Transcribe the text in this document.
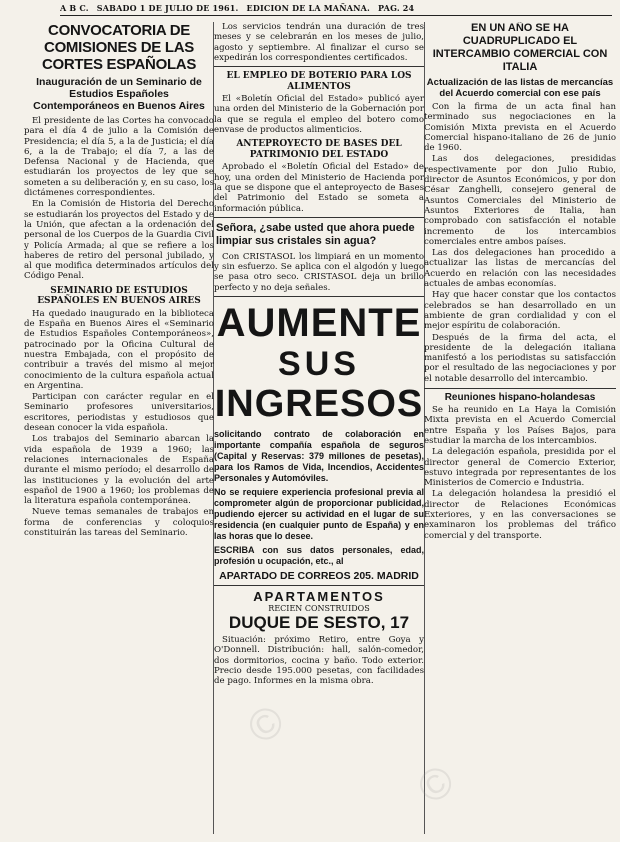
A B C. SABADO 1 DE JULIO DE 1961. EDICION DE LA MAÑANA. PAG. 24
CONVOCATORIA DE COMISIONES DE LAS CORTES ESPAÑOLAS
Inauguración de un Seminario de Estudios Españoles Contemporáneos en Buenos Aires

El presidente de las Cortes ha convocado para el día 4 de julio a la Comisión de Presidencia; el día 5, a la de Justicia; el día 6, a la de Trabajo; el día 7, a las de Defensa Nacional y de Hacienda, que estudiarán los proyectos de ley que se someten a su deliberación y, en su caso, los dictámenes correspondientes.

En la Comisión de Historia del Derecho se estudiarán los proyectos del Estado y de la Unión, que afectan a la ordenación del personal de los Cuerpos de la Guardia Civil y Policía Armada; al que se refiere a los haberes de retiro del personal jubilado, y al que modifica determinados artículos del Código Penal.

SEMINARIO DE ESTUDIOS ESPAÑOLES EN BUENOS AIRES

Ha quedado inaugurado en la biblioteca de España en Buenos Aires el «Seminario de Estudios Españoles Contemporáneos», patrocinado por la Oficina Cultural de nuestra Embajada, con el propósito de contribuir a través del mismo al mejor conocimiento de la cultura española actual en Argentina.

Participan con carácter regular en el Seminario profesores universitarios, escritores, periodistas y estudiosos que desean conocer la vida española.

Los trabajos del Seminario abarcan la vida española de 1939 a 1960; las relaciones internacionales de España durante el mismo período; el desarrollo de las instituciones y la evolución del arte español de 1900 a 1960; los problemas de la literatura española contemporánea.

Nueve temas semanales de trabajos en forma de conferencias y coloquios constituirán las tareas del Seminario.

Los servicios tendrán una duración de tres meses y se celebrarán en los meses de julio, agosto y septiembre. Al finalizar el curso se expedirán los correspondientes certificados.

EL EMPLEO DE BOTERIO PARA LOS ALIMENTOS

El «Boletín Oficial del Estado» publicó ayer una orden del Ministerio de la Gobernación por la que se regula el empleo del botero como envase de productos alimenticios.

ANTEPROYECTO DE BASES DEL PATRIMONIO DEL ESTADO

Aprobado el «Boletín Oficial del Estado» de hoy, una orden del Ministerio de Hacienda por la que se dispone que el anteproyecto de Bases del Patrimonio del Estado se someta a información pública.

Señora, ¿sabe usted que ahora puede limpiar sus cristales sin agua?

Con CRISTASOL los limpiará en un momento y sin esfuerzo. Se aplica con el algodón y luego se pasa otro seco. CRISTASOL deja un brillo perfecto y no deja señales.

AUMENTE
SUS
INGRESOS
solicitando contrato de colaboración en importante compañía española de seguros (Capital y Reservas: 379 millones de pesetas), para los Ramos de Vida, Incendios, Accidentes Personales y Automóviles.
No se requiere experiencia profesional previa al comprometer algún de proporcionar publicidad, pudiendo ejercer su actividad en el lugar de su residencia (en cualquier punto de España) y en las horas que lo desee.
ESCRIBA con sus datos personales, edad, profesión u ocupación, etc., al
APARTADO DE CORREOS 205. MADRID
APARTAMENTOS
RECIEN CONSTRUIDOS
DUQUE DE SESTO, 17

Situación: próximo Retiro, entre Goya y O'Donnell. Distribución: hall, salón-comedor, dos dormitorios, cocina y baño. Todo exterior. Precio desde 195.000 pesetas, con facilidades de pago. Informes en la misma obra.

EN UN AÑO SE HA CUADRUPLICADO EL INTERCAMBIO COMERCIAL CON ITALIA
Actualización de las listas de mercancías del Acuerdo comercial con ese país

Con la firma de un acta final han terminado sus negociaciones en la Comisión Mixta prevista en el Acuerdo Comercial hispano-italiano de 26 de junio de 1960.

Las dos delegaciones, presididas respectivamente por don Julio Rubio, director de Asuntos Económicos, y por don César Zanghelli, consejero general de Asuntos Comerciales del Ministerio de Asuntos Exteriores de Italia, han comprobado con satisfacción el notable incremento de los intercambios comerciales entre ambos países.

Las dos delegaciones han procedido a actualizar las listas de mercancías del Acuerdo en relación con las necesidades actuales de ambas economías.

Hay que hacer constar que los contactos celebrados se han desarrollado en un ambiente de gran cordialidad y con el mejor espíritu de colaboración.

Después de la firma del acta, el presidente de la delegación italiana manifestó a los periodistas su satisfacción por el resultado de las negociaciones y por el notable desarrollo del intercambio.

Reuniones hispano-holandesas

Se ha reunido en La Haya la Comisión Mixta prevista en el Acuerdo Comercial entre España y los Países Bajos, para estudiar la marcha de los intercambios.

La delegación española, presidida por el director general de Comercio Exterior, estuvo integrada por representantes de los Ministerios de Comercio e Industria.

La delegación holandesa la presidió el director de Relaciones Económicas Exteriores, y en las conversaciones se examinaron los problemas del tráfico comercial y del transporte.

©
©
